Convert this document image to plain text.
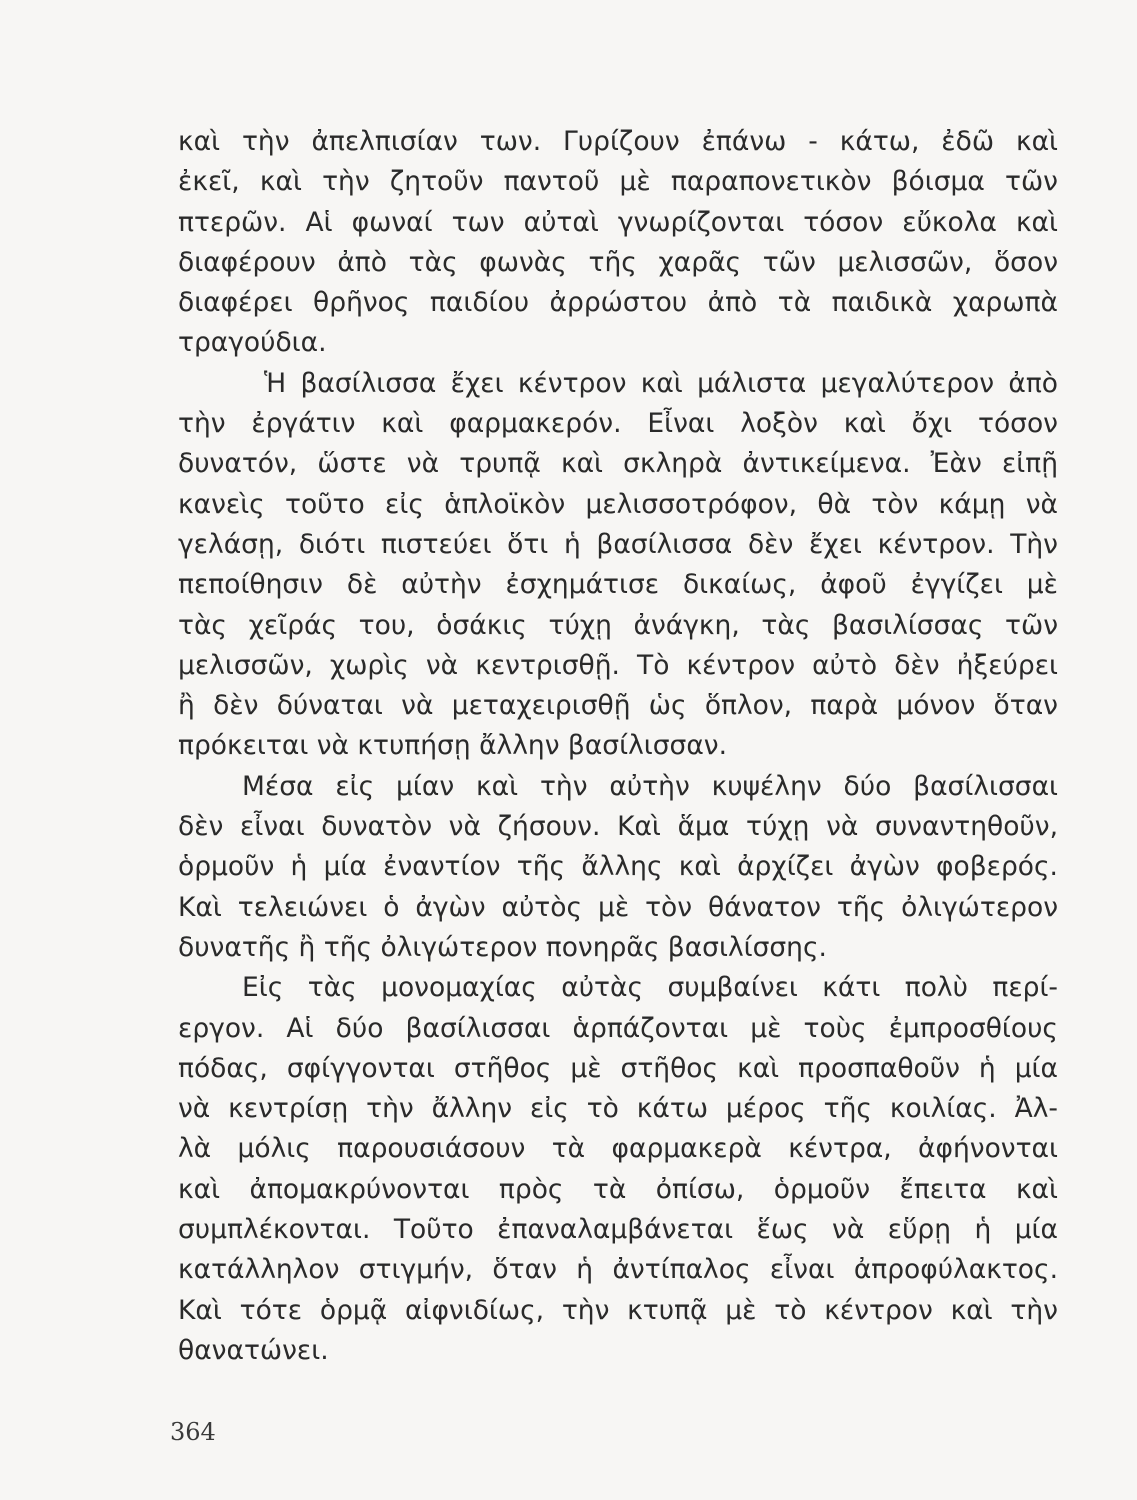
καὶ τὴν ἀπελπισίαν των. Γυρίζουν ἐπάνω - κάτω, ἐδῶ καὶ
ἐκεῖ, καὶ τὴν ζητοῦν παντοῦ μὲ παραπονετικὸν βόισμα τῶν
πτερῶν. Αἱ φωναί των αὐταὶ γνωρίζονται τόσον εὔκολα καὶ
διαφέρουν ἀπὸ τὰς φωνὰς τῆς χαρᾶς τῶν μελισσῶν, ὅσον
διαφέρει θρῆνος παιδίου ἀρρώστου ἀπὸ τὰ παιδικὰ χαρωπὰ
τραγούδια.
Ἡ βασίλισσα ἔχει κέντρον καὶ μάλιστα μεγαλύτερον ἀπὸ
τὴν ἐργάτιν καὶ φαρμακερόν. Εἶναι λοξὸν καὶ ὄχι τόσον
δυνατόν, ὥστε νὰ τρυπᾷ καὶ σκληρὰ ἀντικείμενα. Ἐὰν εἰπῇ
κανεὶς τοῦτο εἰς ἁπλοϊκὸν μελισσοτρόφον, θὰ τὸν κάμῃ νὰ
γελάσῃ, διότι πιστεύει ὅτι ἡ βασίλισσα δὲν ἔχει κέντρον. Τὴν
πεποίθησιν δὲ αὐτὴν ἐσχημάτισε δικαίως, ἀφοῦ ἐγγίζει μὲ
τὰς χεῖράς του, ὁσάκις τύχῃ ἀνάγκη, τὰς βασιλίσσας τῶν
μελισσῶν, χωρὶς νὰ κεντρισθῇ. Τὸ κέντρον αὐτὸ δὲν ἠξεύρει
ἢ δὲν δύναται νὰ μεταχειρισθῇ ὡς ὅπλον, παρὰ μόνον ὅταν
πρόκειται νὰ κτυπήσῃ ἄλλην βασίλισσαν.
Μέσα εἰς μίαν καὶ τὴν αὐτὴν κυψέλην δύο βασίλισσαι
δὲν εἶναι δυνατὸν νὰ ζήσουν. Καὶ ἅμα τύχῃ νὰ συναντηθοῦν,
ὁρμοῦν ἡ μία ἐναντίον τῆς ἄλλης καὶ ἀρχίζει ἀγὼν φοβερός.
Καὶ τελειώνει ὁ ἀγὼν αὐτὸς μὲ τὸν θάνατον τῆς ὀλιγώτερον
δυνατῆς ἢ τῆς ὀλιγώτερον πονηρᾶς βασιλίσσης.
Εἰς τὰς μονομαχίας αὐτὰς συμβαίνει κάτι πολὺ περί-
εργον. Αἱ δύο βασίλισσαι ἁρπάζονται μὲ τοὺς ἐμπροσθίους
πόδας, σφίγγονται στῆθος μὲ στῆθος καὶ προσπαθοῦν ἡ μία
νὰ κεντρίσῃ τὴν ἄλλην εἰς τὸ κάτω μέρος τῆς κοιλίας. Ἀλ-
λὰ μόλις παρουσιάσουν τὰ φαρμακερὰ κέντρα, ἀφήνονται
καὶ ἀπομακρύνονται πρὸς τὰ ὀπίσω, ὁρμοῦν ἔπειτα καὶ
συμπλέκονται. Τοῦτο ἐπαναλαμβάνεται ἕως νὰ εὕρῃ ἡ μία
κατάλληλον στιγμήν, ὅταν ἡ ἀντίπαλος εἶναι ἀπροφύλακτος.
Καὶ τότε ὁρμᾷ αἰφνιδίως, τὴν κτυπᾷ μὲ τὸ κέντρον καὶ τὴν
θανατώνει.
364
